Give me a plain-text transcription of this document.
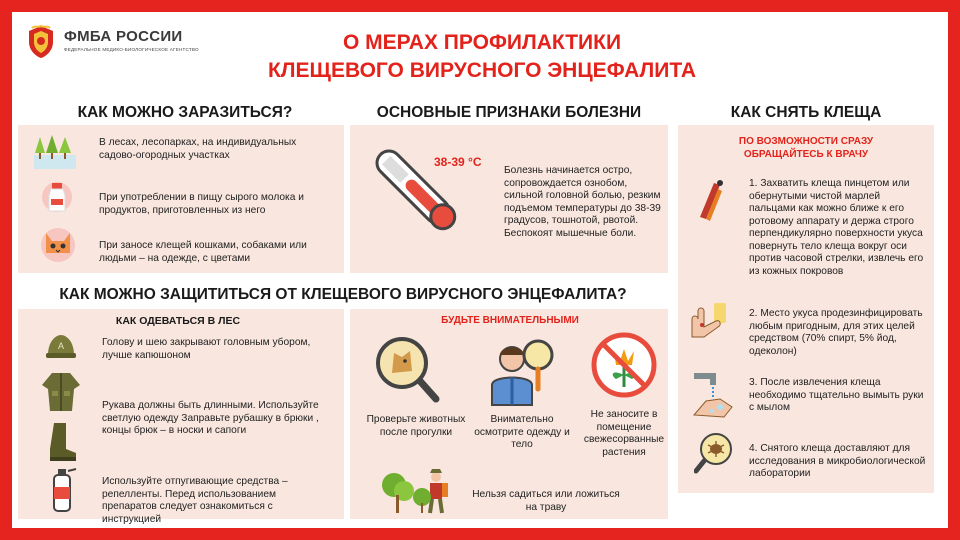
ФМБА РОССИИ
ФЕДЕРАЛЬНОЕ МЕДИКО-БИОЛОГИЧЕСКОЕ АГЕНТСТВО	О МЕРАХ ПРОФИЛАКТИКИ
КЛЕЩЕВОГО ВИРУСНОГО ЭНЦЕФАЛИТА
КАК МОЖНО ЗАРАЗИТЬСЯ?	ОСНОВНЫЕ ПРИЗНАКИ БОЛЕЗНИ	КАК СНЯТЬ КЛЕЩА
В лесах, лесопарках, на индивидуальных садово-огородных участках
При употреблении в пищу сырого молока и продуктов, приготовленных из него
При заносе клещей кошками, собаками или людьми – на одежде, с цветами
38-39 °C
Болезнь начинается остро, сопровождается ознобом, сильной головной болью, резким подъемом температуры до 38-39 градусов, тошнотой, рвотой. Беспокоят мышечные боли.
ПО ВОЗМОЖНОСТИ СРАЗУ ОБРАЩАЙТЕСЬ К ВРАЧУ
1. Захватить клеща пинцетом или обернутыми чистой марлей пальцами как можно ближе к его ротовому аппарату и держа строго перпендикулярно поверхности укуса повернуть тело клеща вокруг оси против часовой стрелки, извлечь его из кожных покровов
2. Место укуса продезинфицировать любым пригодным, для этих целей средством (70% спирт, 5% йод, одеколон)
3. После извлечения клеща необходимо тщательно вымыть руки с мылом
4. Снятого клеща доставляют для исследования в микробиологической лаборатории
КАК МОЖНО ЗАЩИТИТЬСЯ ОТ КЛЕЩЕВОГО ВИРУСНОГО ЭНЦЕФАЛИТА?
КАК ОДЕВАТЬСЯ В ЛЕС
A	Голову и шею закрывают головным убором, лучше капюшоном
Рукава должны быть длинными. Используйте светлую одежду Заправьте рубашку в брюки , концы брюк – в носки и сапоги
Используйте отпугивающие средства – репелленты. Перед использованием препаратов следует ознакомиться с инструкцией
БУДЬТЕ ВНИМАТЕЛЬНЫМИ
Проверьте животных после прогулки
Внимательно осмотрите одежду и тело
Не заносите в помещение свежесорванные растения
Нельзя садиться или ложиться на траву
